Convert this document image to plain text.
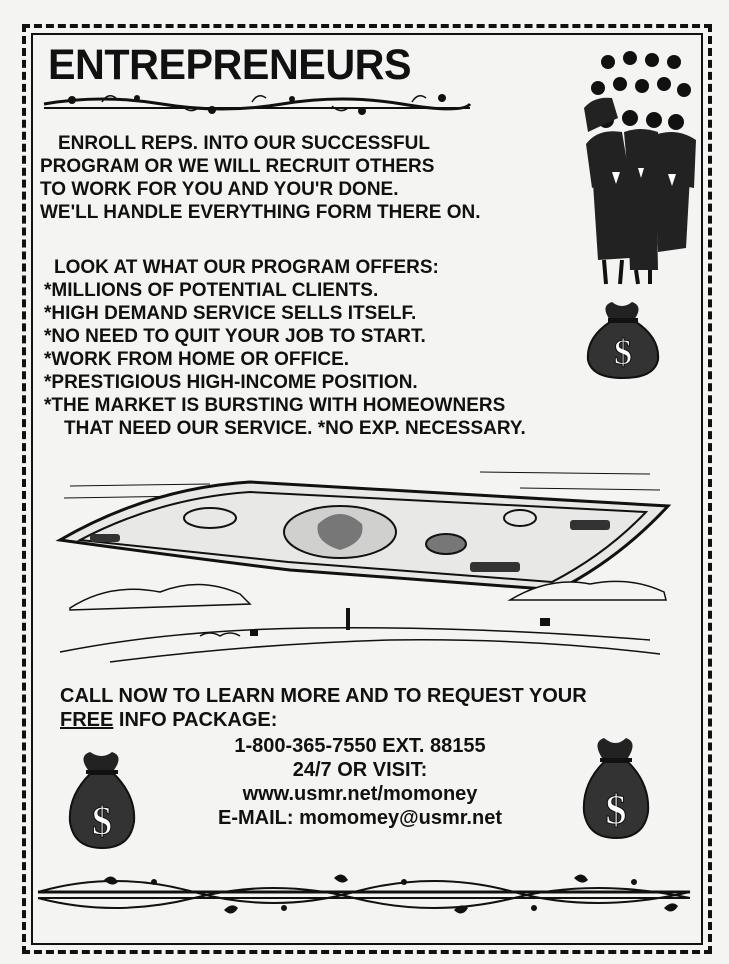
ENTREPRENEURS
ENROLL REPS. INTO OUR SUCCESSFUL
PROGRAM OR WE WILL RECRUIT OTHERS
TO WORK FOR YOU AND YOU'R DONE.
WE'LL HANDLE EVERYTHING FORM THERE ON.
LOOK AT WHAT OUR PROGRAM OFFERS:
*MILLIONS OF POTENTIAL CLIENTS.
*HIGH DEMAND SERVICE SELLS ITSELF.
*NO NEED TO QUIT YOUR JOB TO START.
*WORK FROM HOME OR OFFICE.
*PRESTIGIOUS HIGH-INCOME POSITION.
*THE MARKET IS BURSTING WITH HOMEOWNERS
THAT NEED OUR SERVICE. *NO EXP. NECESSARY.
$
CALL NOW TO LEARN MORE AND TO REQUEST YOUR
FREE INFO PACKAGE:
1-800-365-7550 EXT. 88155
24/7 OR VISIT:
www.usmr.net/momoney
E-MAIL: momomey@usmr.net
$	$
